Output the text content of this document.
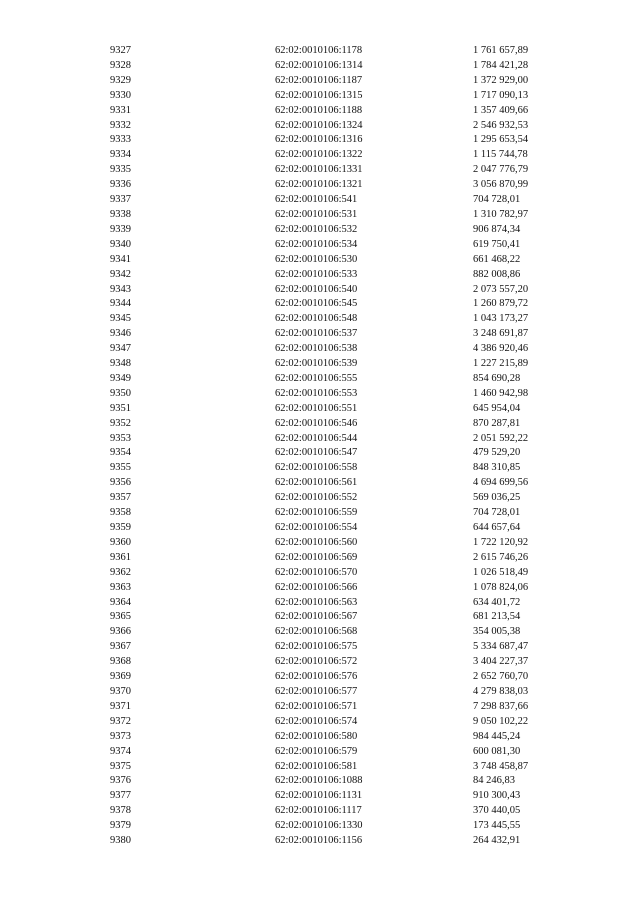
9327	62:02:0010106:1178	1 761 657,89
9328	62:02:0010106:1314	1 784 421,28
9329	62:02:0010106:1187	1 372 929,00
9330	62:02:0010106:1315	1 717 090,13
9331	62:02:0010106:1188	1 357 409,66
9332	62:02:0010106:1324	2 546 932,53
9333	62:02:0010106:1316	1 295 653,54
9334	62:02:0010106:1322	1 115 744,78
9335	62:02:0010106:1331	2 047 776,79
9336	62:02:0010106:1321	3 056 870,99
9337	62:02:0010106:541	704 728,01
9338	62:02:0010106:531	1 310 782,97
9339	62:02:0010106:532	906 874,34
9340	62:02:0010106:534	619 750,41
9341	62:02:0010106:530	661 468,22
9342	62:02:0010106:533	882 008,86
9343	62:02:0010106:540	2 073 557,20
9344	62:02:0010106:545	1 260 879,72
9345	62:02:0010106:548	1 043 173,27
9346	62:02:0010106:537	3 248 691,87
9347	62:02:0010106:538	4 386 920,46
9348	62:02:0010106:539	1 227 215,89
9349	62:02:0010106:555	854 690,28
9350	62:02:0010106:553	1 460 942,98
9351	62:02:0010106:551	645 954,04
9352	62:02:0010106:546	870 287,81
9353	62:02:0010106:544	2 051 592,22
9354	62:02:0010106:547	479 529,20
9355	62:02:0010106:558	848 310,85
9356	62:02:0010106:561	4 694 699,56
9357	62:02:0010106:552	569 036,25
9358	62:02:0010106:559	704 728,01
9359	62:02:0010106:554	644 657,64
9360	62:02:0010106:560	1 722 120,92
9361	62:02:0010106:569	2 615 746,26
9362	62:02:0010106:570	1 026 518,49
9363	62:02:0010106:566	1 078 824,06
9364	62:02:0010106:563	634 401,72
9365	62:02:0010106:567	681 213,54
9366	62:02:0010106:568	354 005,38
9367	62:02:0010106:575	5 334 687,47
9368	62:02:0010106:572	3 404 227,37
9369	62:02:0010106:576	2 652 760,70
9370	62:02:0010106:577	4 279 838,03
9371	62:02:0010106:571	7 298 837,66
9372	62:02:0010106:574	9 050 102,22
9373	62:02:0010106:580	984 445,24
9374	62:02:0010106:579	600 081,30
9375	62:02:0010106:581	3 748 458,87
9376	62:02:0010106:1088	84 246,83
9377	62:02:0010106:1131	910 300,43
9378	62:02:0010106:1117	370 440,05
9379	62:02:0010106:1330	173 445,55
9380	62:02:0010106:1156	264 432,91
